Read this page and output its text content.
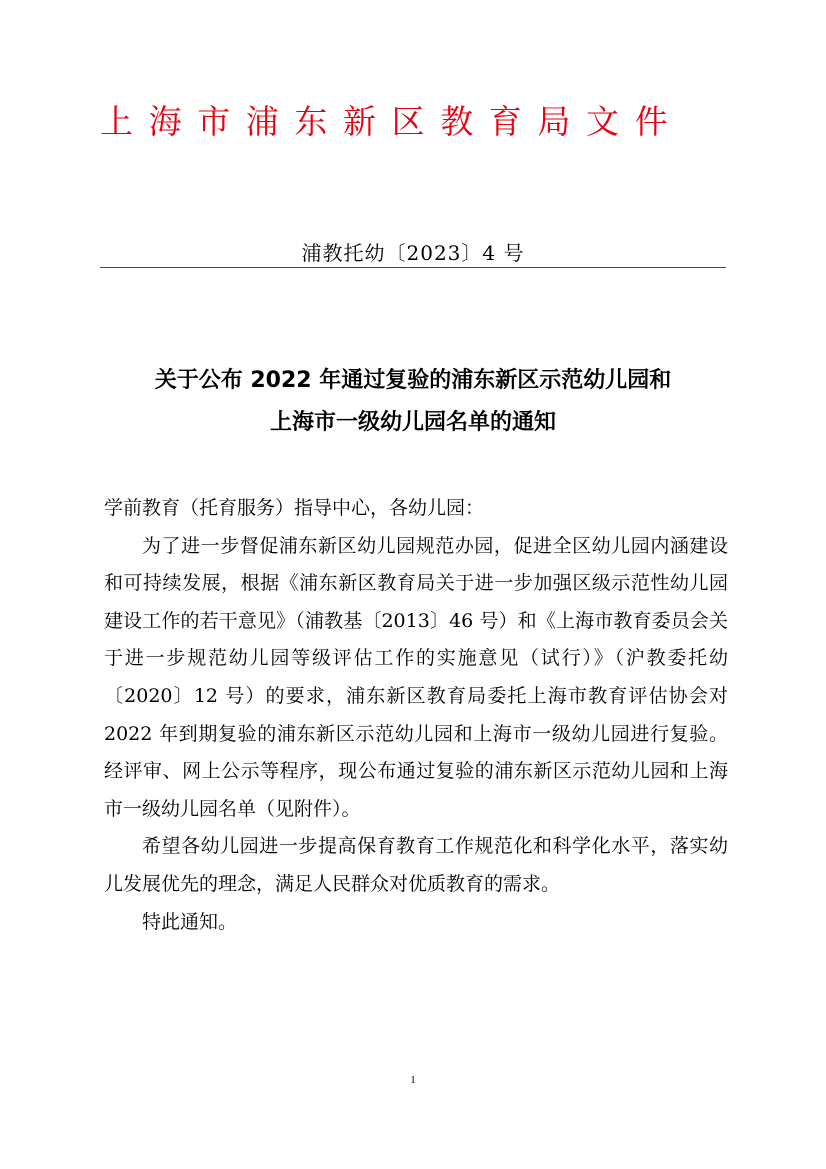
上海市浦东新区教育局文件
浦教托幼〔2023〕4 号
关于公布 2022 年通过复验的浦东新区示范幼儿园和
上海市一级幼儿园名单的通知

学前教育（托育服务）指导中心，各幼儿园：

为了进一步督促浦东新区幼儿园规范办园，促进全区幼儿园内涵建设和可持续发展，根据《浦东新区教育局关于进一步加强区级示范性幼儿园建设工作的若干意见》（浦教基〔2013〕46 号）和《上海市教育委员会关于进一步规范幼儿园等级评估工作的实施意见（试行）》（沪教委托幼〔2020〕12 号）的要求，浦东新区教育局委托上海市教育评估协会对 2022 年到期复验的浦东新区示范幼儿园和上海市一级幼儿园进行复验。经评审、网上公示等程序，现公布通过复验的浦东新区示范幼儿园和上海市一级幼儿园名单（见附件）。

希望各幼儿园进一步提高保育教育工作规范化和科学化水平，落实幼儿发展优先的理念，满足人民群众对优质教育的需求。

特此通知。

1
